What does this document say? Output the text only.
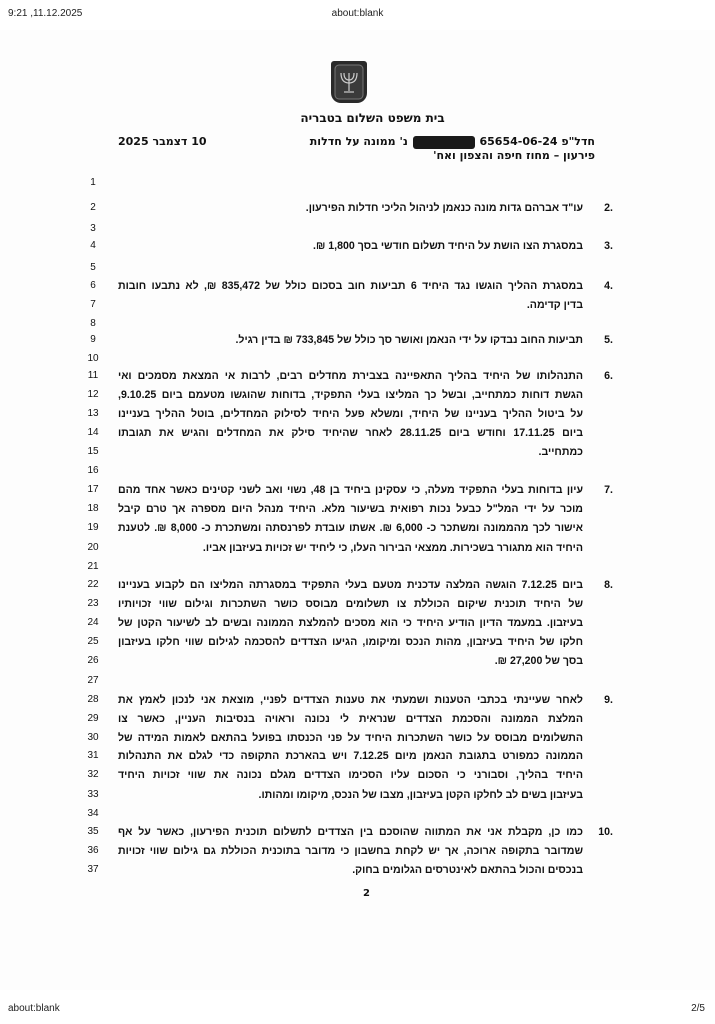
9:21 ,11.12.2025	about:blank
בית משפט השלום בטבריה
חדל"פ 65654-06-24  נ' ממונה על חדלות
פירעון – מחוז חיפה והצפון ואח'
10 דצמבר 2025
1
2	2.
עו"ד אברהם גדות מונה כנאמן לניהול הליכי חדלות הפירעון.
3
4	3.
במסגרת הצו הושת על היחיד תשלום חודשי בסך 1,800 ₪.
5
6	4.
במסגרת ההליך הוגשו נגד היחיד 6 תביעות חוב בסכום כולל של 835,472 ₪, לא נתבעו חובות
7	בדין קדימה.
8
9	5.
תביעות החוב נבדקו על ידי הנאמן ואושר סך כולל של 733,845 ₪ בדין רגיל.
10
11	6.
התנהלותו של היחיד בהליך התאפיינה בצבירת מחדלים רבים, לרבות אי המצאת מסמכים ואי
12 הגשת דוחות כמתחייב, ובשל כך המליצו בעלי התפקיד, בדוחות שהוגשו מטעמם ביום 9.10.25,
13 על ביטול ההליך בעניינו של היחיד, ומשלא פעל היחיד לסילוק המחדלים, בוטל ההליך בעניינו
14 ביום 17.11.25 וחודש ביום 28.11.25 לאחר שהיחיד סילק את המחדלים והגיש את תגובתו
15	כמתחייב.
16
17	7.
עיון בדוחות בעלי התפקיד מעלה, כי עסקינן ביחיד בן 48, נשוי ואב לשני קטינים כאשר אחד מהם
18 מוכר על ידי המל"ל כבעל נכות רפואית בשיעור מלא. היחיד מנהל היום מספרה אך טרם קיבל
19 אישור לכך מהממונה ומשתכר כ- 6,000 ₪. אשתו עובדת לפרנסתה ומשתכרת כ- 8,000 ₪. לטענת
20	היחיד הוא מתגורר בשכירות. ממצאי הבירור העלו, כי ליחיד יש זכויות בעיזבון אביו.
21
22	8.
ביום 7.12.25 הוגשה המלצה עדכנית מטעם בעלי התפקיד במסגרתה המליצו הם לקבוע בעניינו
23 של היחיד תוכנית שיקום הכוללת צו תשלומים מבוסס כושר השתכרות וגילום שווי זכויותיו
24 בעיזבון. במעמד הדיון הודיע היחיד כי הוא מסכים להמלצת הממונה ובשים לב לשיעור הקטן של
25 חלקו של היחיד בעיזבון, מהות הנכס ומיקומו, הגיעו הצדדים להסכמה לגילום שווי חלקו בעיזבון
26	בסך של 27,200 ₪.
27
28	9.
לאחר שעיינתי בכתבי הטענות ושמעתי את טענות הצדדים לפניי, מוצאת אני לנכון לאמץ את
29 המלצת הממונה והסכמת הצדדים שנראית לי נכונה וראויה בנסיבות העניין, כאשר צו
30 התשלומים מבוסס על כושר השתכרות היחיד על פני הכנסתו בפועל בהתאם לאמות המידה של
31 הממונה כמפורט בתגובת הנאמן מיום 7.12.25 ויש בהארכת התקופה כדי לגלם את התנהלות
32 היחיד בהליך, וסבורני כי הסכום עליו הסכימו הצדדים מגלם נכונה את שווי זכויות היחיד
33	בעיזבון בשים לב לחלקו הקטן בעיזבון, מצבו של הנכס, מיקומו ומהותו.
34
35	10.
כמו כן, מקבלת אני את המתווה שהוסכם בין הצדדים לתשלום תוכנית הפירעון, כאשר על אף
36 שמדובר בתקופה ארוכה, אך יש לקחת בחשבון כי מדובר בתוכנית הכוללת גם גילום שווי זכויות
37	בנכסים והכול בהתאם לאינטרסים הגלומים בחוק.
2
about:blank	2/5
